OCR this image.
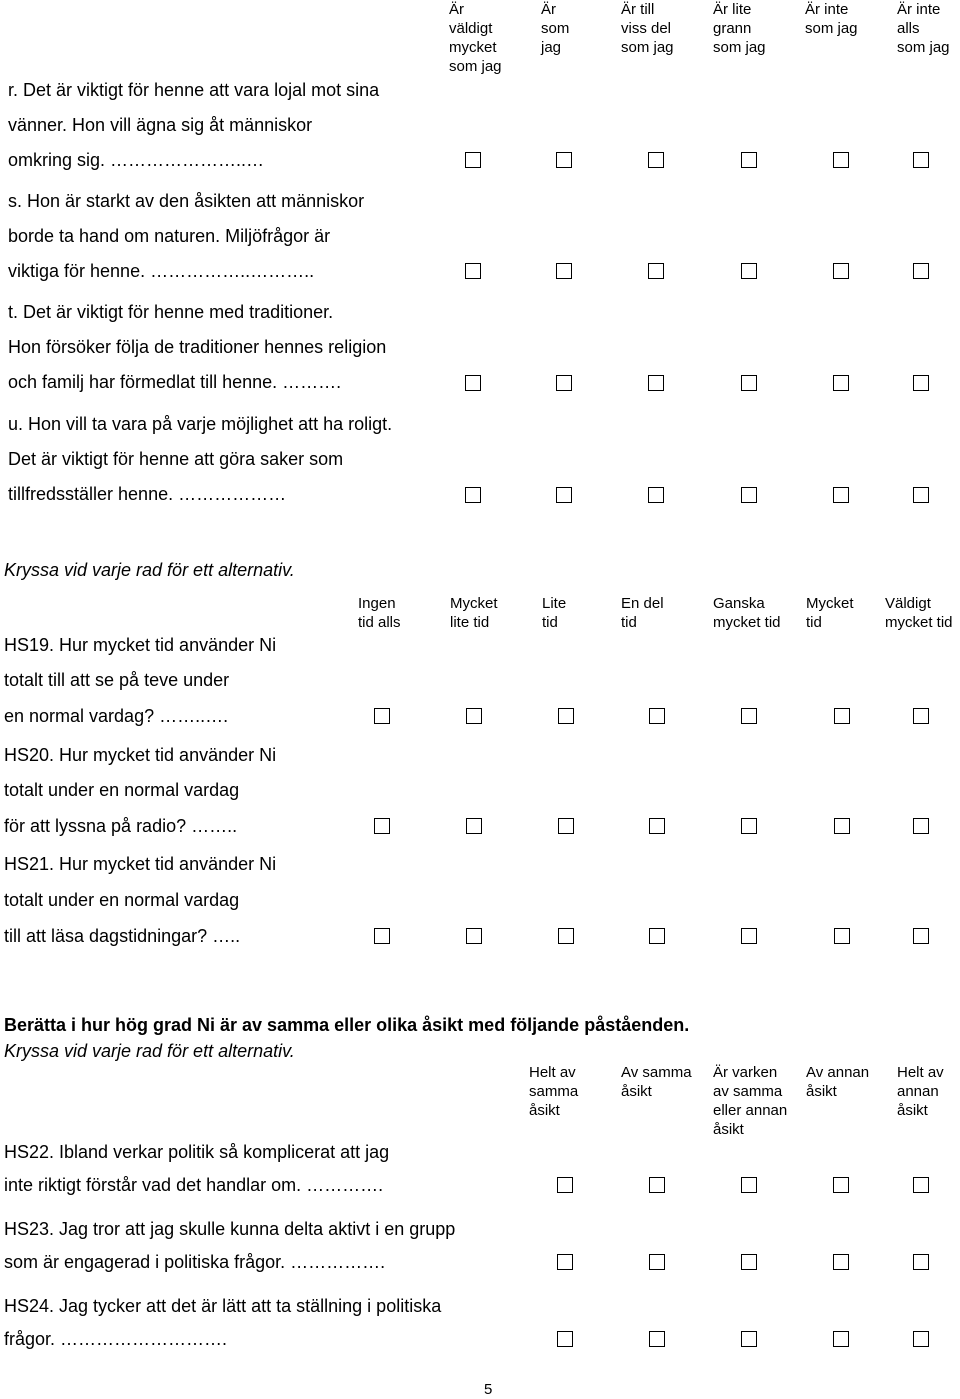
Är
väldigt
mycket
som jag
Är
som
jag
Är till
viss del
som jag
Är lite
grann
som jag
Är inte
som jag
Är inte
alls
som jag
r. Det är viktigt för henne att vara lojal mot sina
vänner. Hon vill ägna sig åt människor
omkring sig. …………………..…
s. Hon är starkt av den åsikten att människor
borde ta hand om naturen. Miljöfrågor är
viktiga för henne. ……………..………..
t. Det är viktigt för henne med traditioner.
Hon försöker följa de traditioner hennes religion
och familj har förmedlat till henne. ……….
u. Hon vill ta vara på varje möjlighet att ha roligt.
Det är viktigt för henne att göra saker som
tillfredsställer henne. ………………
Kryssa vid varje rad för ett alternativ.
Ingen
tid alls
Mycket
lite tid
Lite
tid
En del
tid
Ganska
mycket tid
Mycket
tid
Väldigt
mycket tid
HS19. Hur mycket tid använder Ni
totalt till att se på teve under
en normal vardag? ……..….
HS20. Hur mycket tid använder Ni
totalt under en normal vardag
för att lyssna på radio? ……..
HS21. Hur mycket tid använder Ni
totalt under en normal vardag
till att läsa dagstidningar? …..
Berätta i hur hög grad Ni är av samma eller olika åsikt med följande påståenden.
Kryssa vid varje rad för ett alternativ.
Helt av
samma
åsikt
Av samma
åsikt
Är varken
av samma
eller annan
åsikt
Av annan
åsikt
Helt av
annan
åsikt
HS22. Ibland verkar politik så komplicerat att jag
inte riktigt förstår vad det handlar om. ………….
HS23. Jag tror att jag skulle kunna delta aktivt i en grupp
som är engagerad i politiska frågor. …………….
HS24. Jag tycker att det är lätt att ta ställning i politiska
frågor. ……………………….
5
